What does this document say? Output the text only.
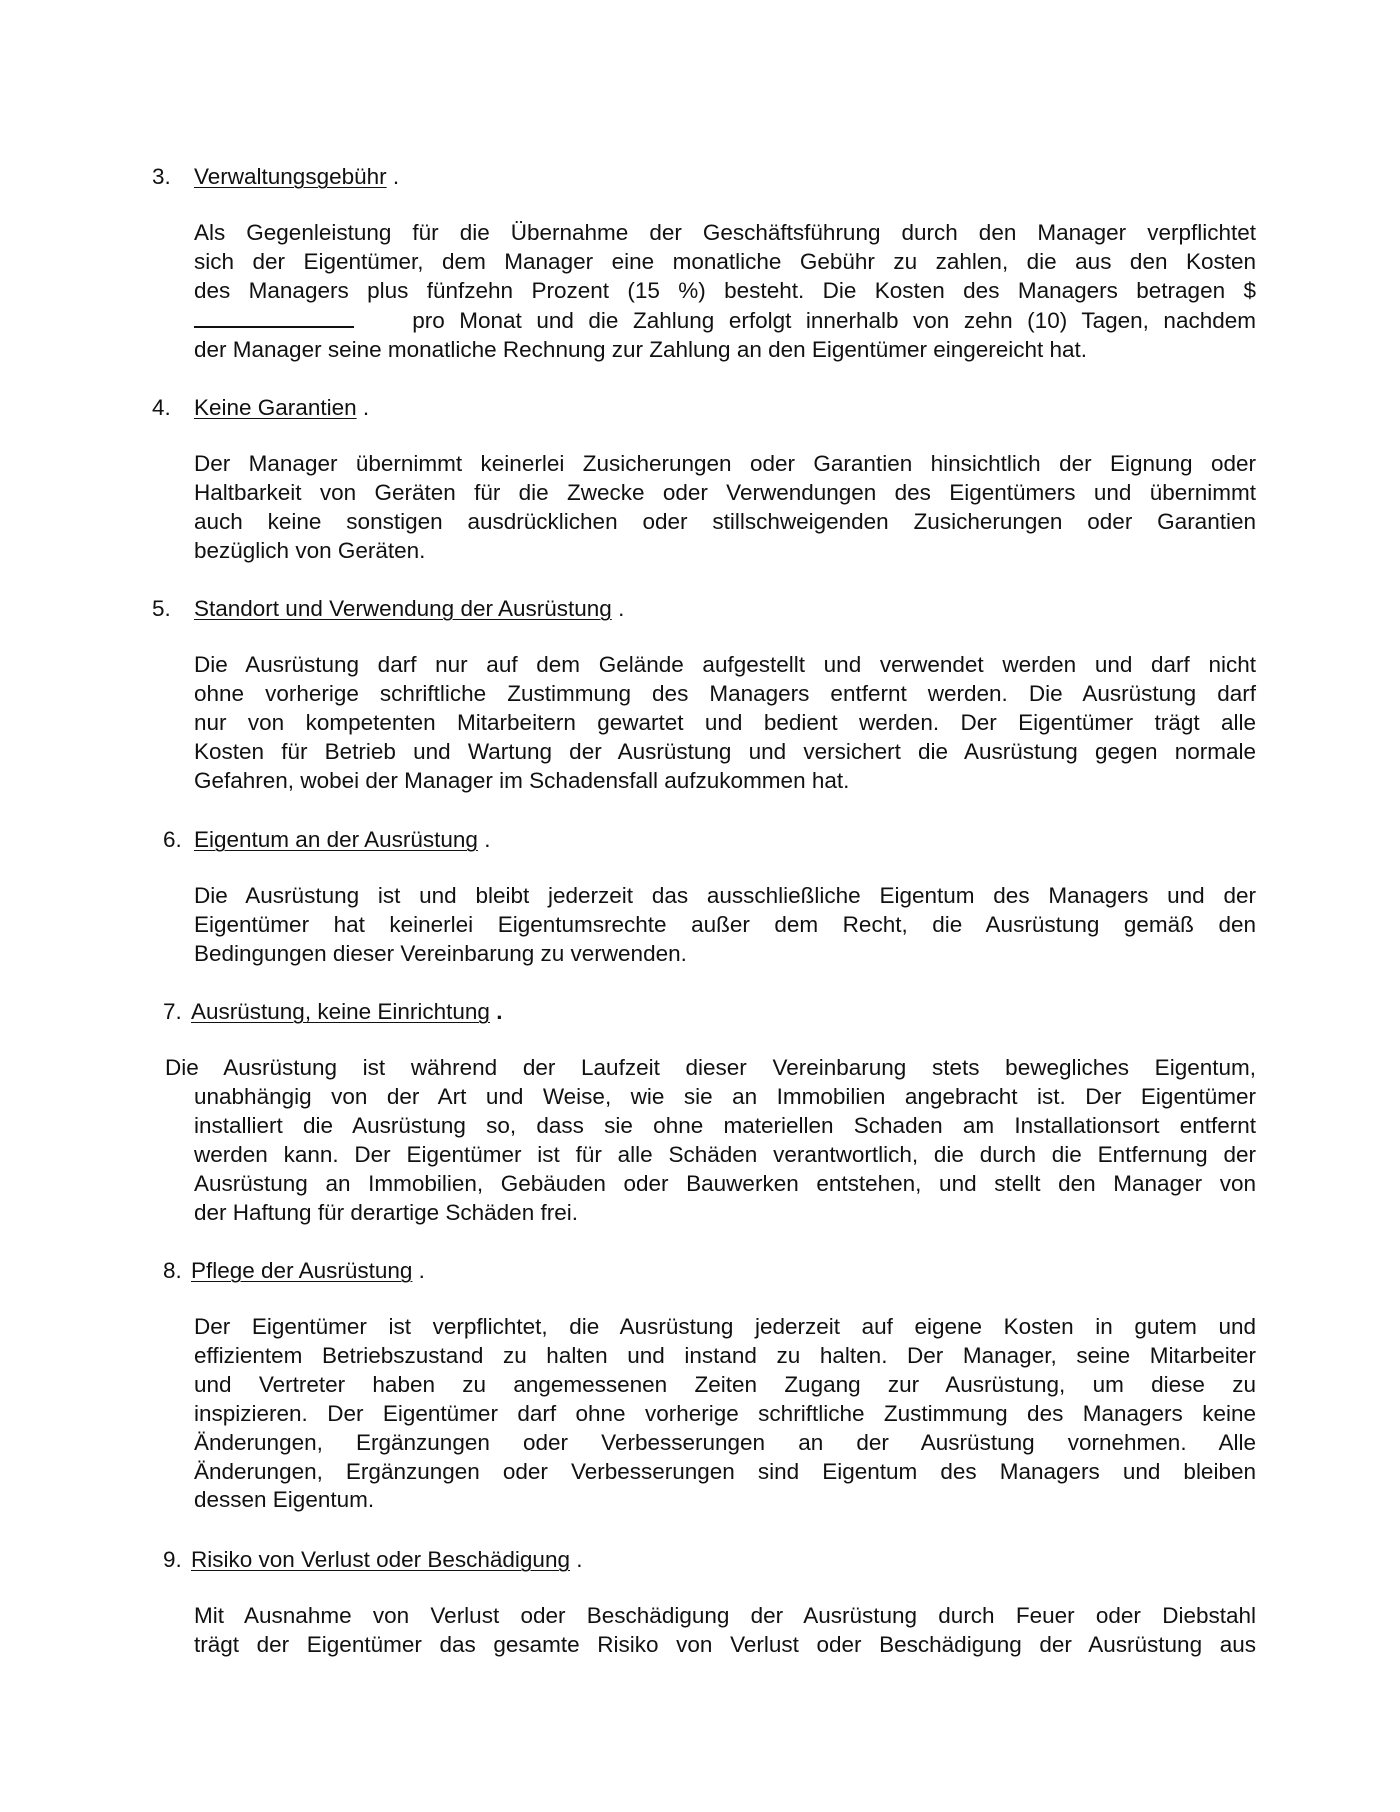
3. Verwaltungsgebühr .
Als Gegenleistung für die Übernahme der Geschäftsführung durch den Manager verpflichtet
sich der Eigentümer, dem Manager eine monatliche Gebühr zu zahlen, die aus den Kosten
des Managers plus fünfzehn Prozent (15 %) besteht. Die Kosten des Managers betragen $
pro Monat und die Zahlung erfolgt innerhalb von zehn (10) Tagen, nachdem
der Manager seine monatliche Rechnung zur Zahlung an den Eigentümer eingereicht hat.
4. Keine Garantien .
Der Manager übernimmt keinerlei Zusicherungen oder Garantien hinsichtlich der Eignung oder
Haltbarkeit von Geräten für die Zwecke oder Verwendungen des Eigentümers und übernimmt
auch keine sonstigen ausdrücklichen oder stillschweigenden Zusicherungen oder Garantien
bezüglich von Geräten.
5. Standort und Verwendung der Ausrüstung .
Die Ausrüstung darf nur auf dem Gelände aufgestellt und verwendet werden und darf nicht
ohne vorherige schriftliche Zustimmung des Managers entfernt werden. Die Ausrüstung darf
nur von kompetenten Mitarbeitern gewartet und bedient werden. Der Eigentümer trägt alle
Kosten für Betrieb und Wartung der Ausrüstung und versichert die Ausrüstung gegen normale
Gefahren, wobei der Manager im Schadensfall aufzukommen hat.
6. Eigentum an der Ausrüstung .
Die Ausrüstung ist und bleibt jederzeit das ausschließliche Eigentum des Managers und der
Eigentümer hat keinerlei Eigentumsrechte außer dem Recht, die Ausrüstung gemäß den
Bedingungen dieser Vereinbarung zu verwenden.
7. Ausrüstung, keine Einrichtung .
Die Ausrüstung ist während der Laufzeit dieser Vereinbarung stets bewegliches Eigentum,
unabhängig von der Art und Weise, wie sie an Immobilien angebracht ist. Der Eigentümer
installiert die Ausrüstung so, dass sie ohne materiellen Schaden am Installationsort entfernt
werden kann. Der Eigentümer ist für alle Schäden verantwortlich, die durch die Entfernung der
Ausrüstung an Immobilien, Gebäuden oder Bauwerken entstehen, und stellt den Manager von
der Haftung für derartige Schäden frei.
8. Pflege der Ausrüstung .
Der Eigentümer ist verpflichtet, die Ausrüstung jederzeit auf eigene Kosten in gutem und
effizientem Betriebszustand zu halten und instand zu halten. Der Manager, seine Mitarbeiter
und Vertreter haben zu angemessenen Zeiten Zugang zur Ausrüstung, um diese zu
inspizieren. Der Eigentümer darf ohne vorherige schriftliche Zustimmung des Managers keine
Änderungen, Ergänzungen oder Verbesserungen an der Ausrüstung vornehmen. Alle
Änderungen, Ergänzungen oder Verbesserungen sind Eigentum des Managers und bleiben
dessen Eigentum.
9. Risiko von Verlust oder Beschädigung .
Mit Ausnahme von Verlust oder Beschädigung der Ausrüstung durch Feuer oder Diebstahl
trägt der Eigentümer das gesamte Risiko von Verlust oder Beschädigung der Ausrüstung aus
